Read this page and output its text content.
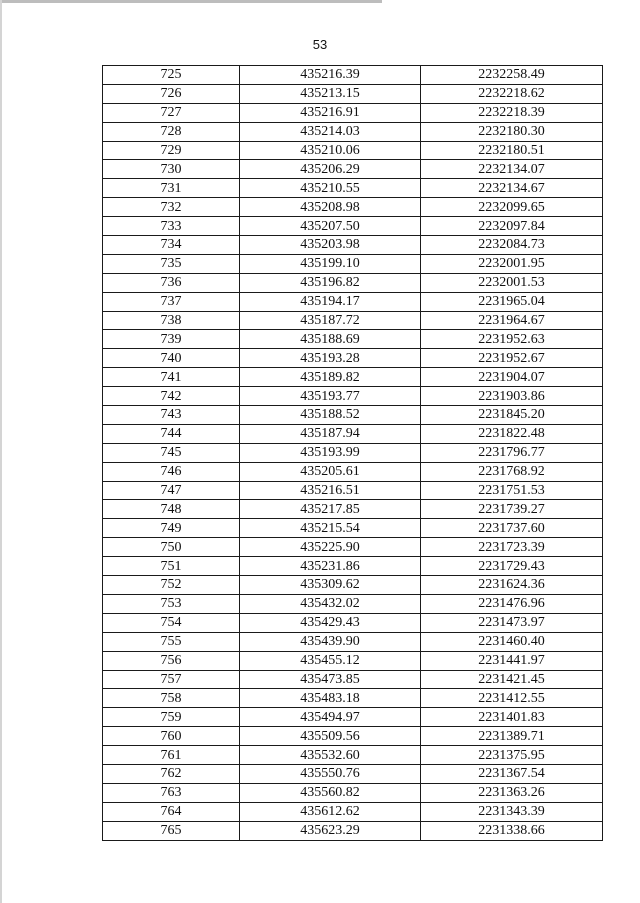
53
725	435216.39	2232258.49
726	435213.15	2232218.62
727	435216.91	2232218.39
728	435214.03	2232180.30
729	435210.06	2232180.51
730	435206.29	2232134.07
731	435210.55	2232134.67
732	435208.98	2232099.65
733	435207.50	2232097.84
734	435203.98	2232084.73
735	435199.10	2232001.95
736	435196.82	2232001.53
737	435194.17	2231965.04
738	435187.72	2231964.67
739	435188.69	2231952.63
740	435193.28	2231952.67
741	435189.82	2231904.07
742	435193.77	2231903.86
743	435188.52	2231845.20
744	435187.94	2231822.48
745	435193.99	2231796.77
746	435205.61	2231768.92
747	435216.51	2231751.53
748	435217.85	2231739.27
749	435215.54	2231737.60
750	435225.90	2231723.39
751	435231.86	2231729.43
752	435309.62	2231624.36
753	435432.02	2231476.96
754	435429.43	2231473.97
755	435439.90	2231460.40
756	435455.12	2231441.97
757	435473.85	2231421.45
758	435483.18	2231412.55
759	435494.97	2231401.83
760	435509.56	2231389.71
761	435532.60	2231375.95
762	435550.76	2231367.54
763	435560.82	2231363.26
764	435612.62	2231343.39
765	435623.29	2231338.66
